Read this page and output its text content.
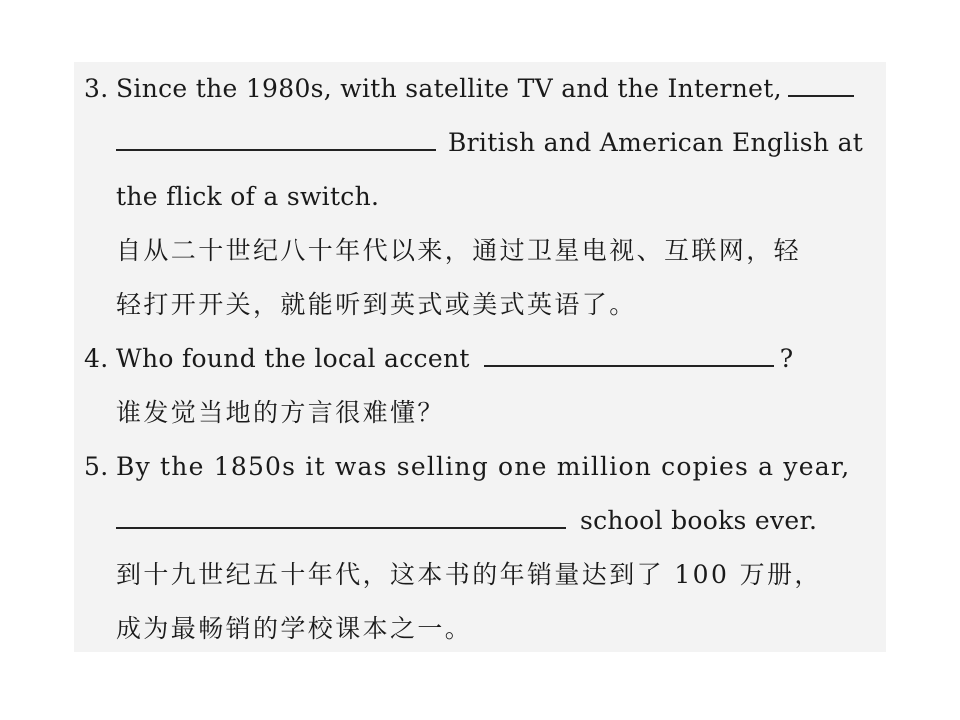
3. Since the 1980s, with satellite TV and the Internet,
British and American English at
the flick of a switch.
自从二十世纪八十年代以来，通过卫星电视、互联网，轻
轻打开开关，就能听到英式或美式英语了。
4. Who found the local accent	?
谁发觉当地的方言很难懂？
5. By the 1850s it was selling one million copies a year,
school books ever.
到十九世纪五十年代，这本书的年销量达到了 100 万册，
成为最畅销的学校课本之一。
